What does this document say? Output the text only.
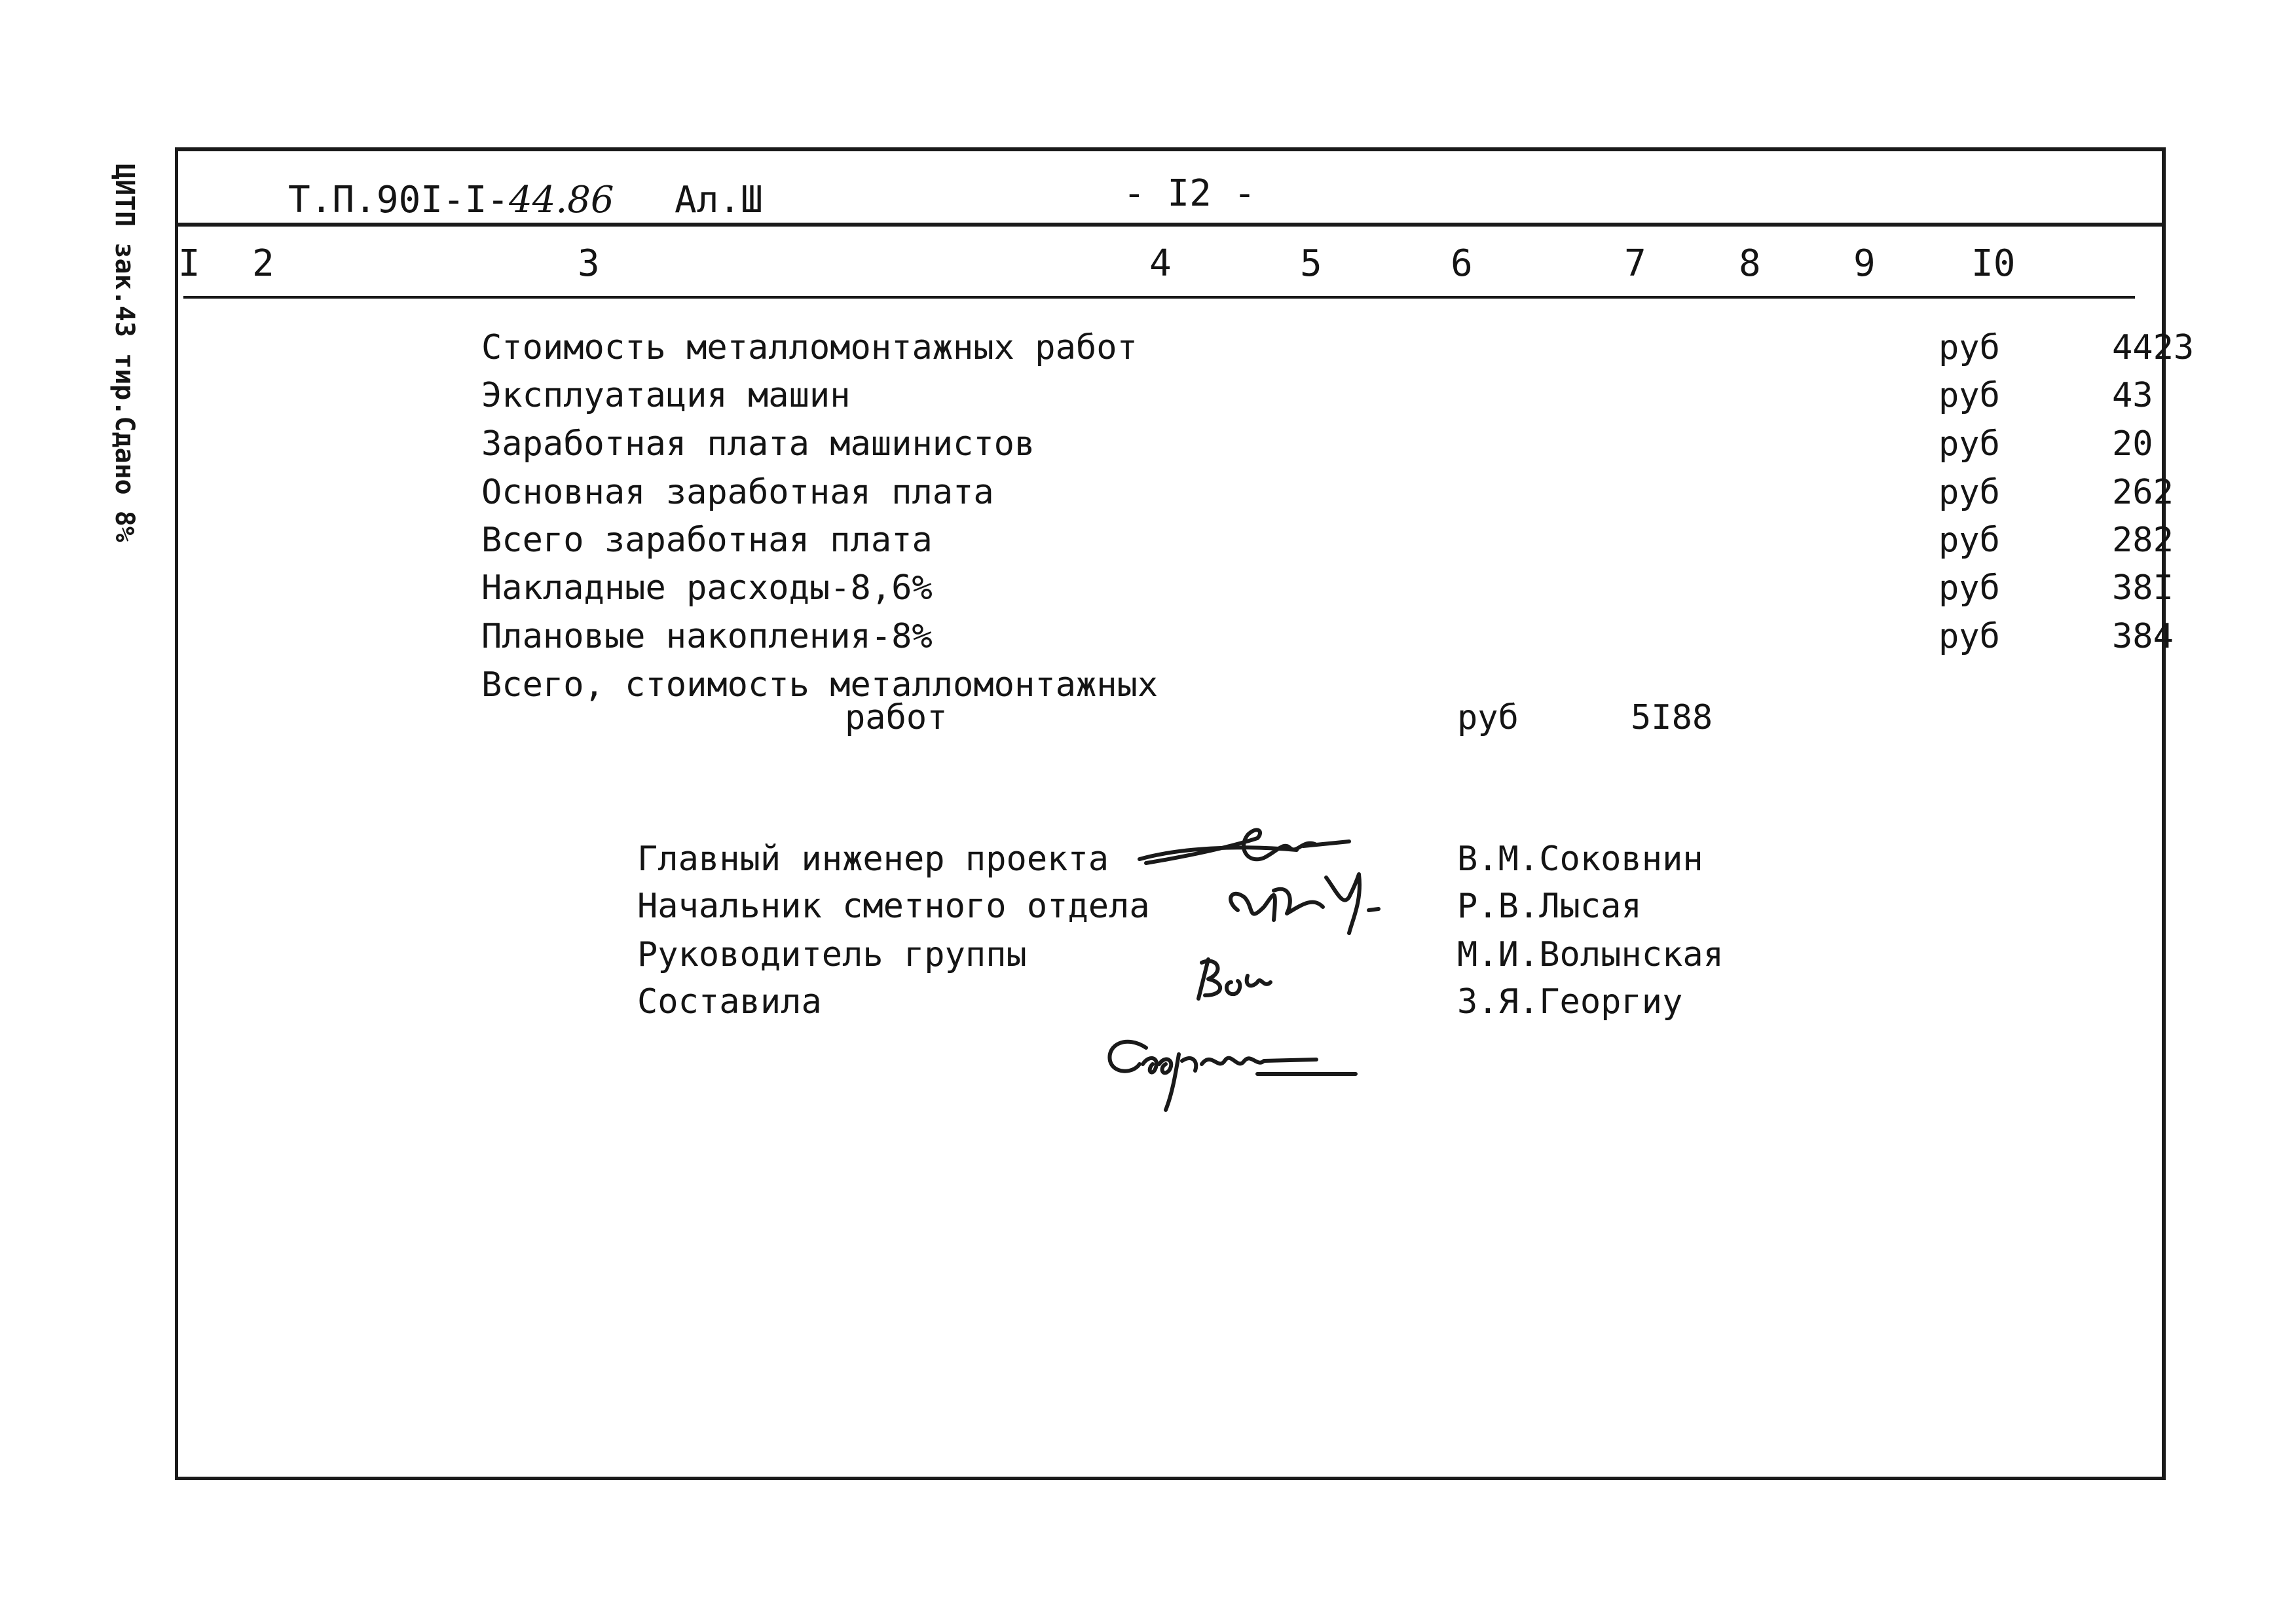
ЦИТП зак.43 тир.Сдано 8%	Т.П.90I-I-44.86 Ал.Ш	- I2 -
I 2	3	4	5	6	7	8	9	I0
Стоимость металломонтажных работ	руб	4423
Эксплуатация машин	руб	43
Заработная плата машинистов	руб	20
Основная заработная плата	руб	262
Всего заработная плата	руб	282
Накладные расходы-8,6%	руб	38I
Плановые накопления-8%	руб	384
Всего, стоимость металломонтажных
работ	руб	5I88
Главный инженер проекта	В.М.Соковнин
Начальник сметного отдела	Р.В.Лысая
Руководитель группы	М.И.Волынская
Составила	З.Я.Георгиу
